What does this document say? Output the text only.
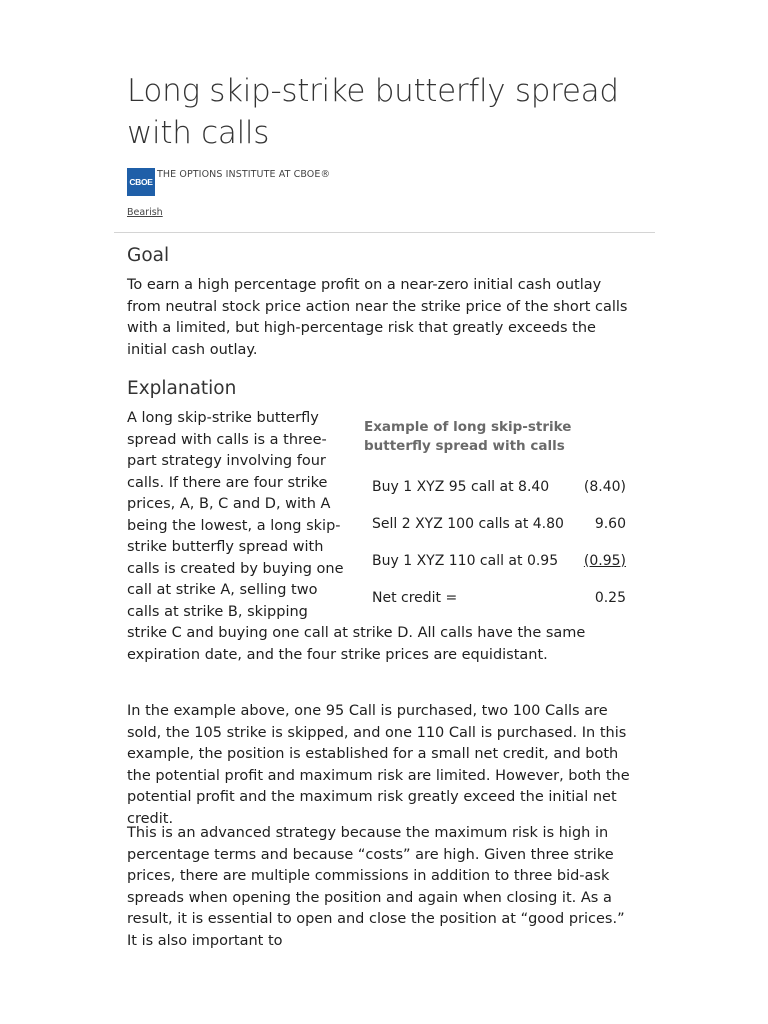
Long skip-strike butterfly spread with calls
CBOE
THE OPTIONS INSTITUTE AT CBOE®
Bearish
Goal

To earn a high percentage profit on a near-zero initial cash outlay from neutral stock price action near the strike price of the short calls with a limited, but high-percentage risk that greatly exceeds the initial cash outlay.

Explanation
Example of long skip-strike butterfly spread with calls
Buy 1 XYZ 95 call at 8.40	(8.40)
Sell 2 XYZ 100 calls at 4.80	9.60
Buy 1 XYZ 110 call at 0.95	(0.95)
Net credit =	0.25

A long skip-strike butterfly spread with calls is a three-part strategy involving four calls. If there are four strike prices, A, B, C and D, with A being the lowest, a long skip-strike butterfly spread with calls is created by buying one call at strike A, selling two calls at strike B, skipping strike C and buying one call at strike D. All calls have the same expiration date, and the four strike prices are equidistant.

In the example above, one 95 Call is purchased, two 100 Calls are sold, the 105 strike is skipped, and one 110 Call is purchased. In this example, the position is established for a small net credit, and both the potential profit and maximum risk are limited. However, both the potential profit and the maximum risk greatly exceed the initial net credit.

This is an advanced strategy because the maximum risk is high in percentage terms and because “costs” are high. Given three strike prices, there are multiple commissions in addition to three bid-ask spreads when opening the position and again when closing it. As a result, it is essential to open and close the position at “good prices.” It is also important to
